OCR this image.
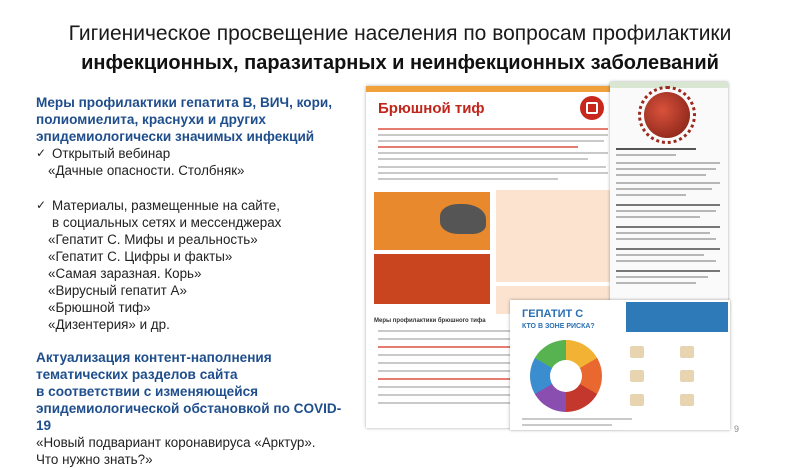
Гигиеническое просвещение населения по вопросам профилактики
инфекционных, паразитарных и неинфекционных заболеваний
Меры профилактики гепатита В, ВИЧ, кори,
полиомиелита, краснухи и других
эпидемиологически значимых инфекций
✓ Открытый вебинар
«Дачные опасности. Столбняк»
✓ Материалы, размещенные на сайте,
в социальных сетях и мессенджерах
«Гепатит С. Мифы и реальность»
«Гепатит С. Цифры и факты»
«Самая заразная. Корь»
«Вирусный гепатит А»
«Брюшной тиф»
«Дизентерия» и др.
Актуализация контент-наполнения
тематических разделов сайта
в соответствии с изменяющейся
эпидемиологической обстановкой по COVID-19
«Новый подвариант коронавируса «Арктур».
Что нужно знать?»
Брюшной тиф
Меры профилактики брюшного тифа
ГЕПАТИТ С
КТО В ЗОНЕ РИСКА?
9
